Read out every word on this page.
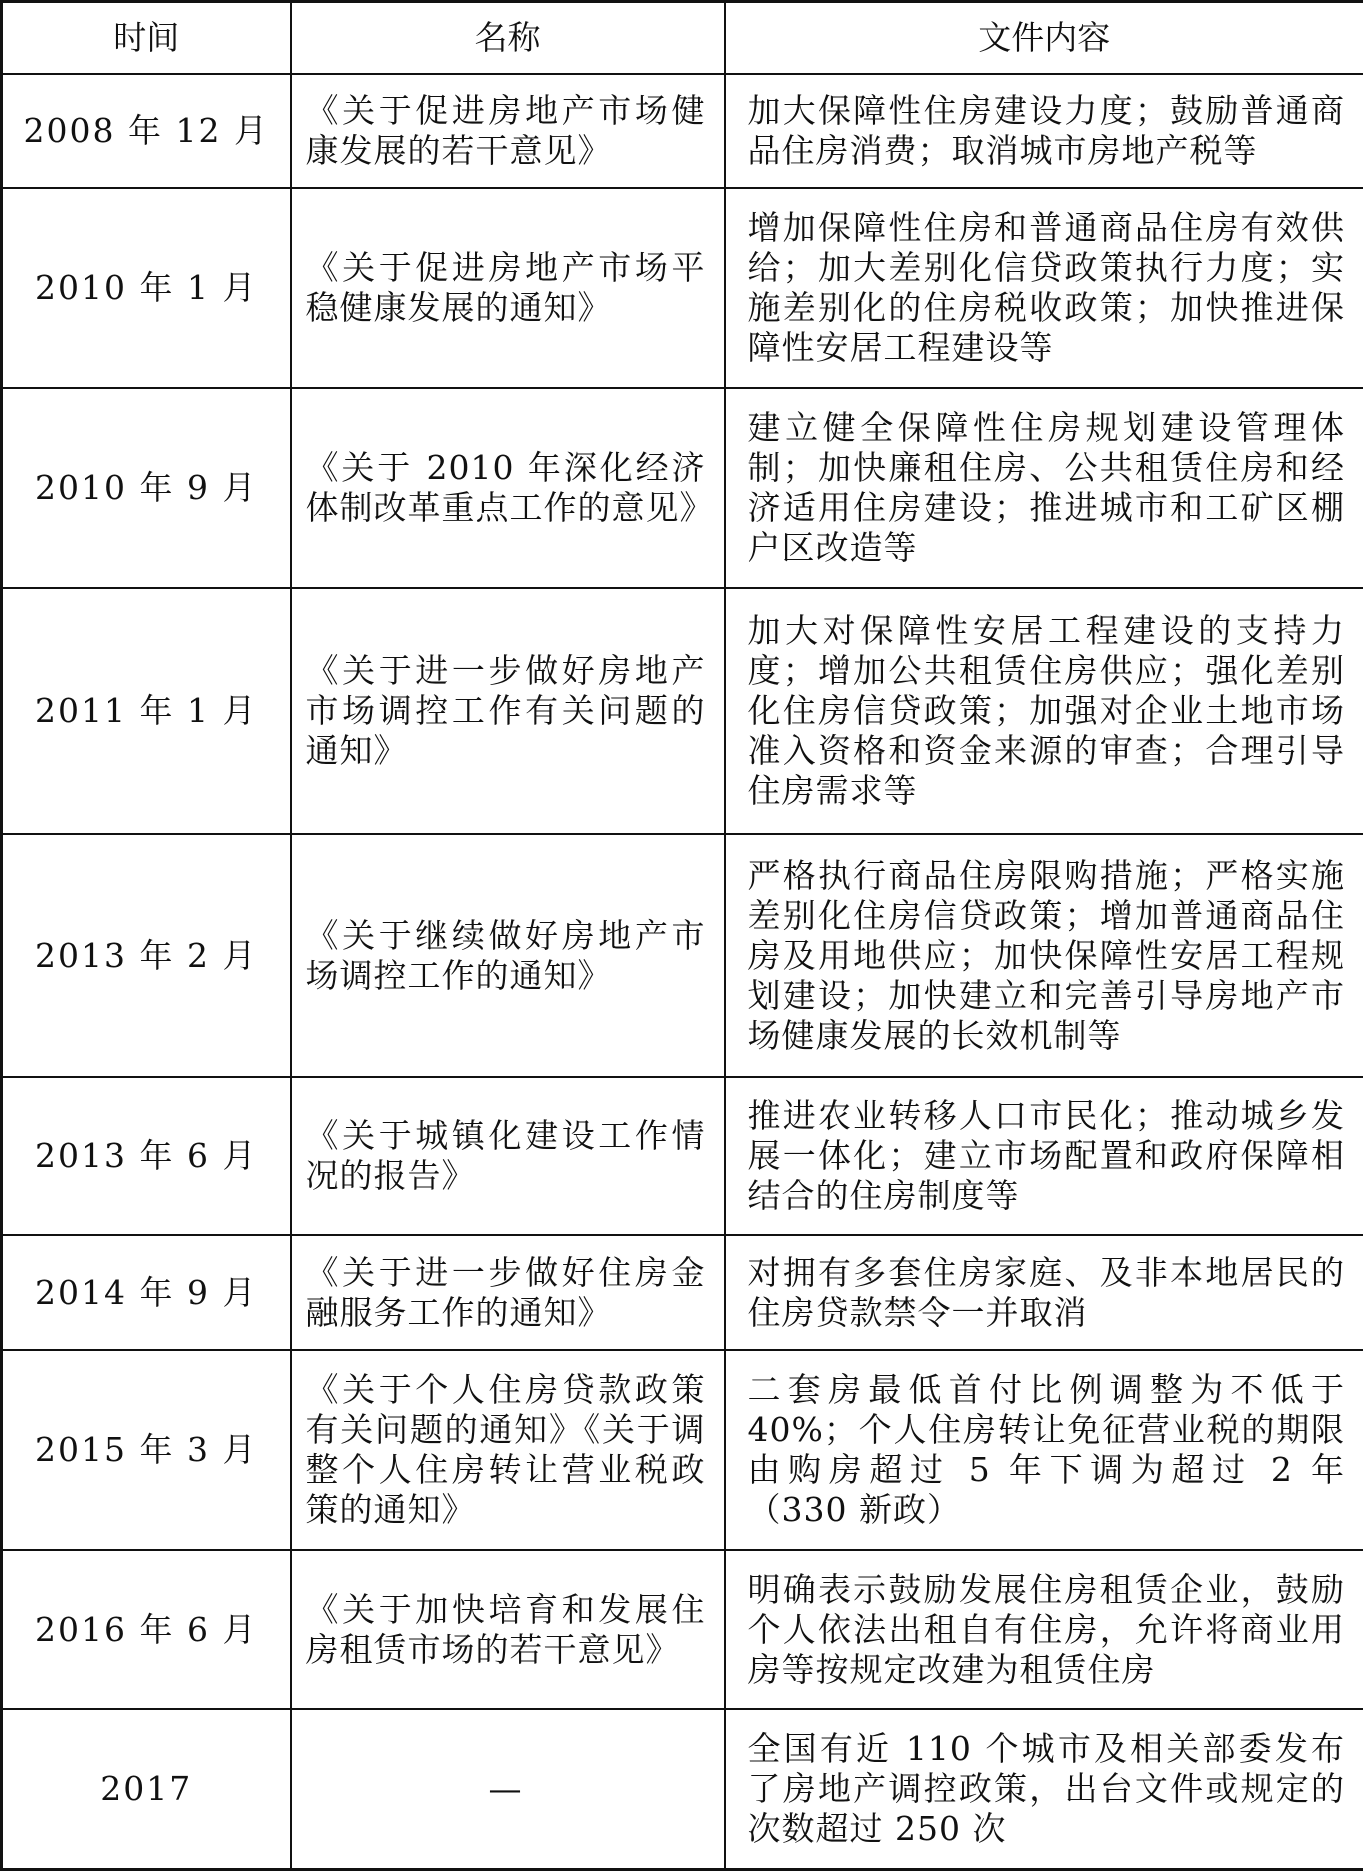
时间	名称	文件内容
2008 年 12 月	《关于促进房地产市场健康发展的若干意见》	加大保障性住房建设力度；鼓励普通商品住房消费；取消城市房地产税等
2010 年 1 月	《关于促进房地产市场平稳健康发展的通知》	增加保障性住房和普通商品住房有效供给；加大差别化信贷政策执行力度；实施差别化的住房税收政策；加快推进保障性安居工程建设等
2010 年 9 月	《关于 2010 年深化经济体制改革重点工作的意见》	建立健全保障性住房规划建设管理体制；加快廉租住房、公共租赁住房和经济适用住房建设；推进城市和工矿区棚户区改造等
2011 年 1 月	《关于进一步做好房地产市场调控工作有关问题的通知》	加大对保障性安居工程建设的支持力度；增加公共租赁住房供应；强化差别化住房信贷政策；加强对企业土地市场准入资格和资金来源的审查；合理引导住房需求等
2013 年 2 月	《关于继续做好房地产市场调控工作的通知》	严格执行商品住房限购措施；严格实施差别化住房信贷政策；增加普通商品住房及用地供应；加快保障性安居工程规划建设；加快建立和完善引导房地产市场健康发展的长效机制等
2013 年 6 月	《关于城镇化建设工作情况的报告》	推进农业转移人口市民化；推动城乡发展一体化；建立市场配置和政府保障相结合的住房制度等
2014 年 9 月	《关于进一步做好住房金融服务工作的通知》	对拥有多套住房家庭、及非本地居民的住房贷款禁令一并取消
2015 年 3 月	《关于个人住房贷款政策有关问题的通知》《关于调整个人住房转让营业税政策的通知》	二套房最低首付比例调整为不低于 40%；个人住房转让免征营业税的期限由购房超过 5 年下调为超过 2 年（330 新政）
2016 年 6 月	《关于加快培育和发展住房租赁市场的若干意见》	明确表示鼓励发展住房租赁企业，鼓励个人依法出租自有住房，允许将商业用房等按规定改建为租赁住房
2017	—	全国有近 110 个城市及相关部委发布了房地产调控政策，出台文件或规定的次数超过 250 次
